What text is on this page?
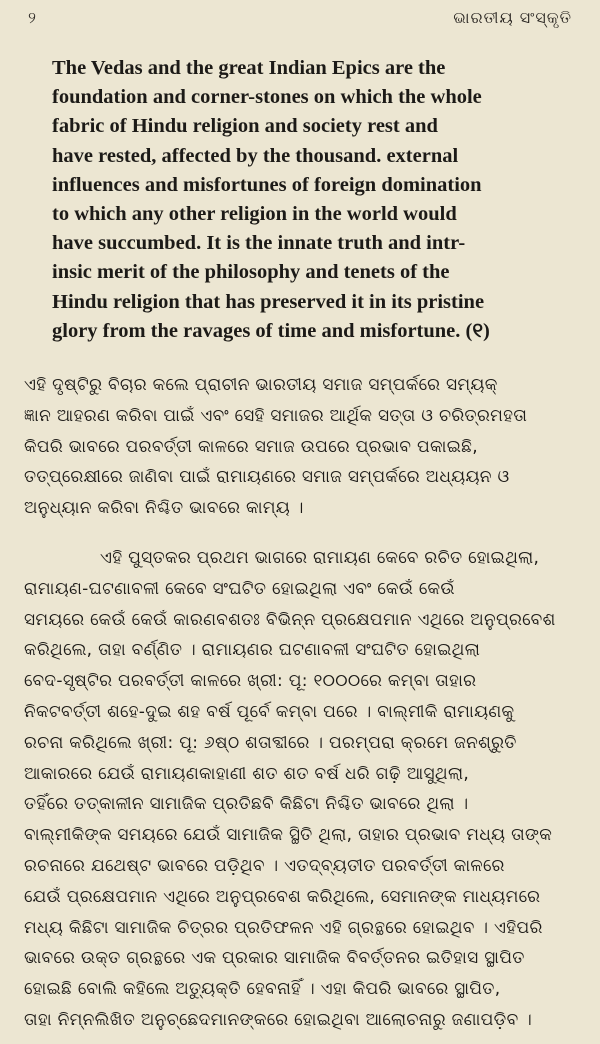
୨	ଭାରତୀୟ ସଂସ୍କୃତି
The Vedas and the great Indian Epics are the
foundation and corner-stones on which the whole
fabric of Hindu religion and society rest and
have rested, affected by the thousand. external
influences and misfortunes of foreign domination
to which any other religion in the world would
have succumbed. It is the innate truth and intr-
insic merit of the philosophy and tenets of the
Hindu religion that has preserved it in its pristine
glory from the ravages of time and misfortune. (୧)
ଏହି ଦୃଷ୍ଟିରୁ ବିଚାର କଲେ ପ୍ରାଚୀନ ଭାରତୀୟ ସମାଜ ସମ୍ପର୍କରେ ସମ୍ୟକ୍
ଜ୍ଞାନ ଆହରଣ କରିବା ପାଇଁ ଏବଂ ସେହି ସମାଜର ଆର୍ଥିକ ସତ୍ତା ଓ ଚରିତ୍ରମହତା
କିପରି ଭାବରେ ପରବର୍ତ୍ତୀ କାଳରେ ସମାଜ ଉପରେ ପ୍ରଭାବ ପକାଇଛି,
ତତ୍‌ପ୍ରେକ୍ଷୀରେ ଜାଣିବା ପାଇଁ ରାମାୟଣରେ ସମାଜ ସମ୍ପର୍କରେ ଅଧ୍ୟୟନ ଓ
ଅନୁଧ୍ୟାନ କରିବା ନିଶ୍ଚିତ ଭାବରେ କାମ୍ୟ ।
ଏହି ପୁସ୍ତକର ପ୍ରଥମ ଭାଗରେ ରାମାୟଣ କେବେ ରଚିତ ହୋଇଥିଲା,
ରାମାୟଣ-ଘଟଣାବଳୀ କେବେ ସଂଘଟିତ ହୋଇଥିଲା ଏବଂ କେଉଁ କେଉଁ
ସମୟରେ କେଉଁ କେଉଁ କାରଣବଶତଃ ବିଭିନ୍ନ ପ୍ରକ୍ଷେପମାନ ଏଥିରେ ଅନୁପ୍ରବେଶ
କରିଥିଲେ, ତାହା ବର୍ଣ୍ଣିତ । ରାମାୟଣର ଘଟଣାବଳୀ ସଂଘଟିତ ହୋଇଥିଲା
ବେଦ-ସୃଷ୍ଟିର ପରବର୍ତ୍ତୀ କାଳରେ ଖ୍ରୀ: ପୂ: ୧୦୦୦ରେ କମ୍ବା ତାହାର
ନିକଟବର୍ତ୍ତୀ ଶହେ-ଦୁଇ ଶହ ବର୍ଷ ପୂର୍ବେ କମ୍ବା ପରେ । ବାଲ୍ମୀକି ରାମାୟଣକୁ
ରଚନା କରିଥିଲେ ଖ୍ରୀ: ପୂ: ୬ଷ୍ଠ ଶତାବ୍ଦୀରେ । ପରମ୍ପରା କ୍ରମେ ଜନଶ୍ରୁତି
ଆକାରରେ ଯେଉଁ ରାମାୟଣକାହାଣୀ ଶତ ଶତ ବର୍ଷ ଧରି ଗଢ଼ି ଆସୁଥିଲା,
ତହିଁରେ ତତ୍କାଳୀନ ସାମାଜିକ ପ୍ରତିଛବି କିଛିଟା ନିଶ୍ଚିତ ଭାବରେ ଥିଲା ।
ବାଲ୍ମୀକିଙ୍କ ସମୟରେ ଯେଉଁ ସାମାଜିକ ସ୍ଥିତି ଥିଲା, ତାହାର ପ୍ରଭାବ ମଧ୍ୟ ତାଙ୍କ
ରଚନାରେ ଯଥେଷ୍ଟ ଭାବରେ ପଡ଼ିଥିବ । ଏତଦ୍‌ବ୍ୟତୀତ ପରବର୍ତ୍ତୀ କାଳରେ
ଯେଉଁ ପ୍ରକ୍ଷେପମାନ ଏଥିରେ ଅନୁପ୍ରବେଶ କରିଥିଲେ, ସେମାନଙ୍କ ମାଧ୍ୟମରେ
ମଧ୍ୟ କିଛିଟା ସାମାଜିକ ଚିତ୍ରର ପ୍ରତିଫଳନ ଏହି ଗ୍ରନ୍ଥରେ ହୋଇଥିବ । ଏହିପରି
ଭାବରେ ଉକ୍ତ ଗ୍ରନ୍ଥରେ ଏକ ପ୍ରକାର ସାମାଜିକ ବିବର୍ତ୍ତନର ଇତିହାସ ସ୍ଥାପିତ
ହୋଇଛି ବୋଲି କହିଲେ ଅତ୍ୟୁକ୍ତି ହେବନାହିଁ । ଏହା କିପରି ଭାବରେ ସ୍ଥାପିତ,
ତାହା ନିମ୍ନଲିଖିତ ଅନୁଚ୍ଛେଦମାନଙ୍କରେ ହୋଇଥିବା ଆଲୋଚନାରୁ ଜଣାପଡ଼ିବ ।
